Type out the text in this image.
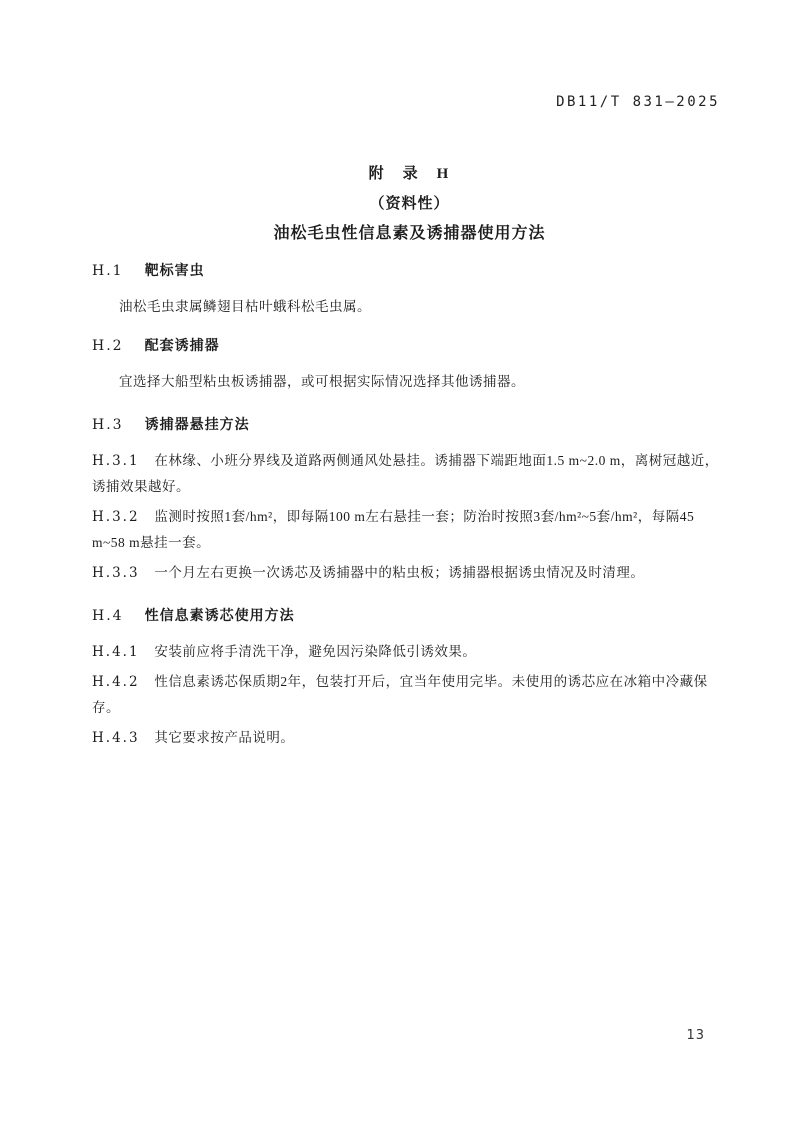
DB11/T 831—2025
附　录　H
（资料性）
油松毛虫性信息素及诱捕器使用方法
H.1 靶标害虫

油松毛虫隶属鳞翅目枯叶蛾科松毛虫属。

H.2 配套诱捕器

宜选择大船型粘虫板诱捕器，或可根据实际情况选择其他诱捕器。

H.3 诱捕器悬挂方法

H.3.1 在林缘、小班分界线及道路两侧通风处悬挂。诱捕器下端距地面1.5 m~2.0 m，离树冠越近，诱捕效果越好。

H.3.2 监测时按照1套/hm²，即每隔100 m左右悬挂一套；防治时按照3套/hm²~5套/hm²，每隔45 m~58 m悬挂一套。

H.3.3 一个月左右更换一次诱芯及诱捕器中的粘虫板；诱捕器根据诱虫情况及时清理。

H.4 性信息素诱芯使用方法

H.4.1 安装前应将手清洗干净，避免因污染降低引诱效果。

H.4.2 性信息素诱芯保质期2年，包装打开后，宜当年使用完毕。未使用的诱芯应在冰箱中冷藏保存。

H.4.3 其它要求按产品说明。

13
